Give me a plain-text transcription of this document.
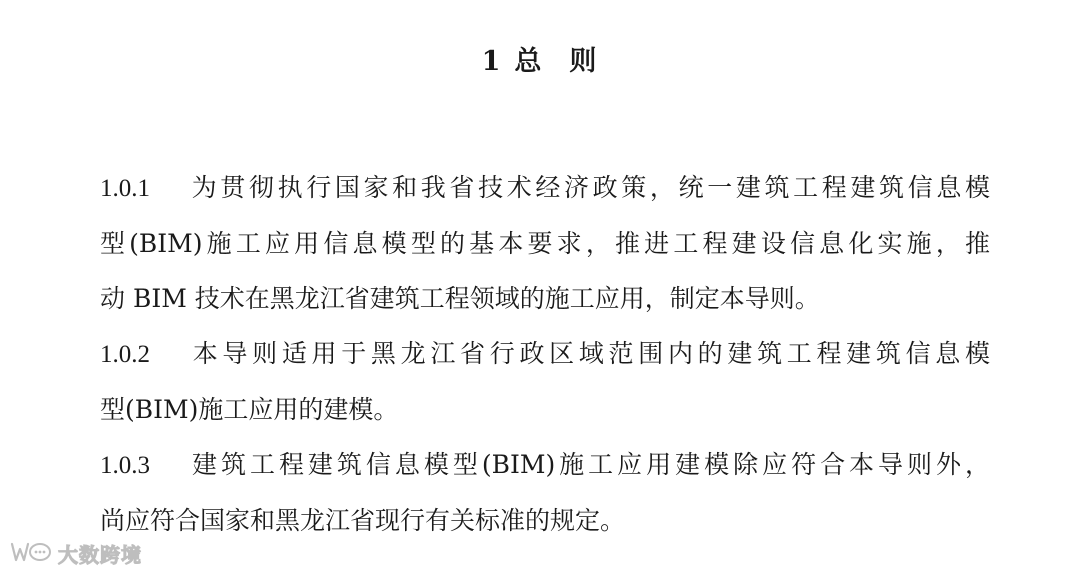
1 总 则

1.0.1 为贯彻执行国家和我省技术经济政策，统一建筑工程建筑信息模
型(BIM)施工应用信息模型的基本要求，推进工程建设信息化实施，推
动 BIM 技术在黑龙江省建筑工程领域的施工应用，制定本导则。

1.0.2 本导则适用于黑龙江省行政区域范围内的建筑工程建筑信息模
型(BIM)施工应用的建模。

1.0.3 建筑工程建筑信息模型(BIM)施工应用建模除应符合本导则外，
尚应符合国家和黑龙江省现行有关标准的规定。

大数跨境
